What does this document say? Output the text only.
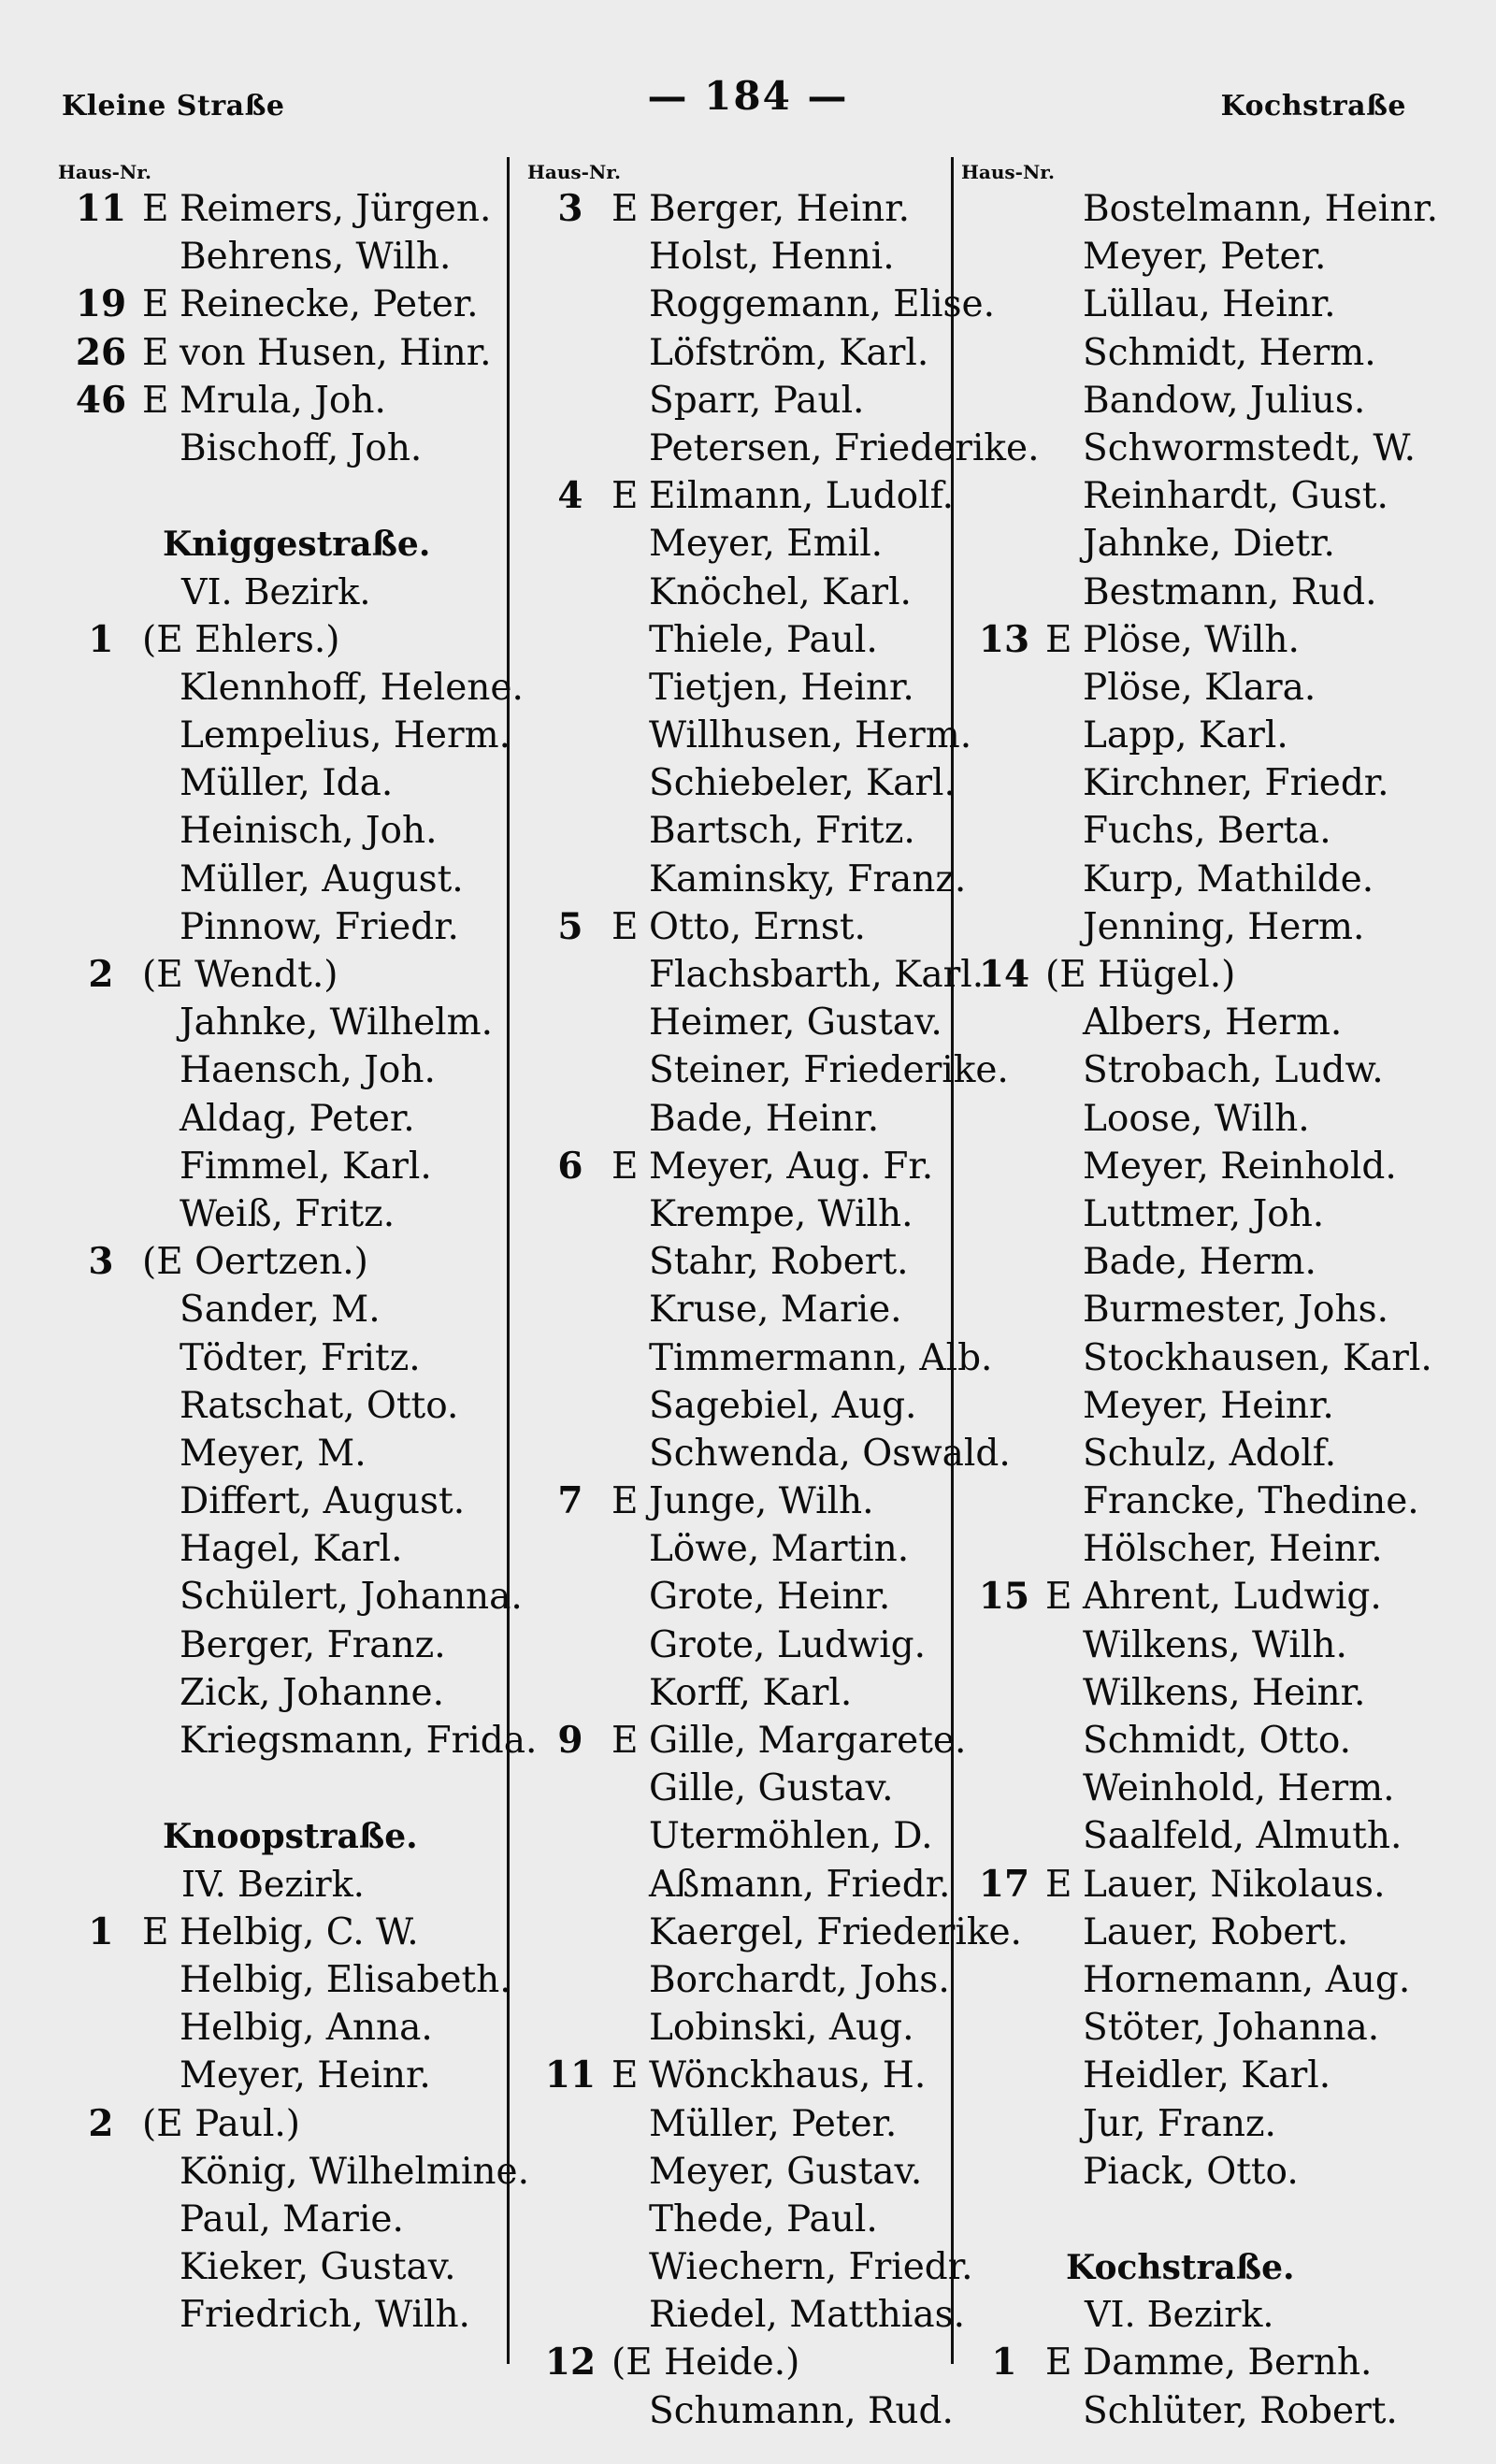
Kleine Straße	— 184 —	Kochstraße
Haus-Nr.
11 E Reimers, Jürgen.
Behrens, Wilh.
19 E Reinecke, Peter.
26 E von Husen, Hinr.
46 E Mrula, Joh.
Bischoff, Joh.
Kniggestraße.
VI. Bezirk.
1 (E Ehlers.)
Klennhoff, Helene.
Lempelius, Herm.
Müller, Ida.
Heinisch, Joh.
Müller, August.
Pinnow, Friedr.
2 (E Wendt.)
Jahnke, Wilhelm.
Haensch, Joh.
Aldag, Peter.
Fimmel, Karl.
Weiß, Fritz.
3 (E Oertzen.)
Sander, M.
Tödter, Fritz.
Ratschat, Otto.
Meyer, M.
Differt, August.
Hagel, Karl.
Schülert, Johanna.
Berger, Franz.
Zick, Johanne.
Kriegsmann, Frida.
Knoopstraße.
IV. Bezirk.
1 E Helbig, C. W.
Helbig, Elisabeth.
Helbig, Anna.
Meyer, Heinr.
2 (E Paul.)
König, Wilhelmine.
Paul, Marie.
Kieker, Gustav.
Friedrich, Wilh.
Haus-Nr.
3 E Berger, Heinr.
Holst, Henni.
Roggemann, Elise.
Löfström, Karl.
Sparr, Paul.
Petersen, Friederike.
4 E Eilmann, Ludolf.
Meyer, Emil.
Knöchel, Karl.
Thiele, Paul.
Tietjen, Heinr.
Willhusen, Herm.
Schiebeler, Karl.
Bartsch, Fritz.
Kaminsky, Franz.
5 E Otto, Ernst.
Flachsbarth, Karl.
Heimer, Gustav.
Steiner, Friederike.
Bade, Heinr.
6 E Meyer, Aug. Fr.
Krempe, Wilh.
Stahr, Robert.
Kruse, Marie.
Timmermann, Alb.
Sagebiel, Aug.
Schwenda, Oswald.
7 E Junge, Wilh.
Löwe, Martin.
Grote, Heinr.
Grote, Ludwig.
Korff, Karl.
9 E Gille, Margarete.
Gille, Gustav.
Utermöhlen, D.
Aßmann, Friedr.
Kaergel, Friederike.
Borchardt, Johs.
Lobinski, Aug.
11 E Wönckhaus, H.
Müller, Peter.
Meyer, Gustav.
Thede, Paul.
Wiechern, Friedr.
Riedel, Matthias.
12 (E Heide.)
Schumann, Rud.
Haus-Nr.
Bostelmann, Heinr.
Meyer, Peter.
Lüllau, Heinr.
Schmidt, Herm.
Bandow, Julius.
Schwormstedt, W.
Reinhardt, Gust.
Jahnke, Dietr.
Bestmann, Rud.
13 E Plöse, Wilh.
Plöse, Klara.
Lapp, Karl.
Kirchner, Friedr.
Fuchs, Berta.
Kurp, Mathilde.
Jenning, Herm.
14 (E Hügel.)
Albers, Herm.
Strobach, Ludw.
Loose, Wilh.
Meyer, Reinhold.
Luttmer, Joh.
Bade, Herm.
Burmester, Johs.
Stockhausen, Karl.
Meyer, Heinr.
Schulz, Adolf.
Francke, Thedine.
Hölscher, Heinr.
15 E Ahrent, Ludwig.
Wilkens, Wilh.
Wilkens, Heinr.
Schmidt, Otto.
Weinhold, Herm.
Saalfeld, Almuth.
17 E Lauer, Nikolaus.
Lauer, Robert.
Hornemann, Aug.
Stöter, Johanna.
Heidler, Karl.
Jur, Franz.
Piack, Otto.
Kochstraße.
VI. Bezirk.
1 E Damme, Bernh.
Schlüter, Robert.
